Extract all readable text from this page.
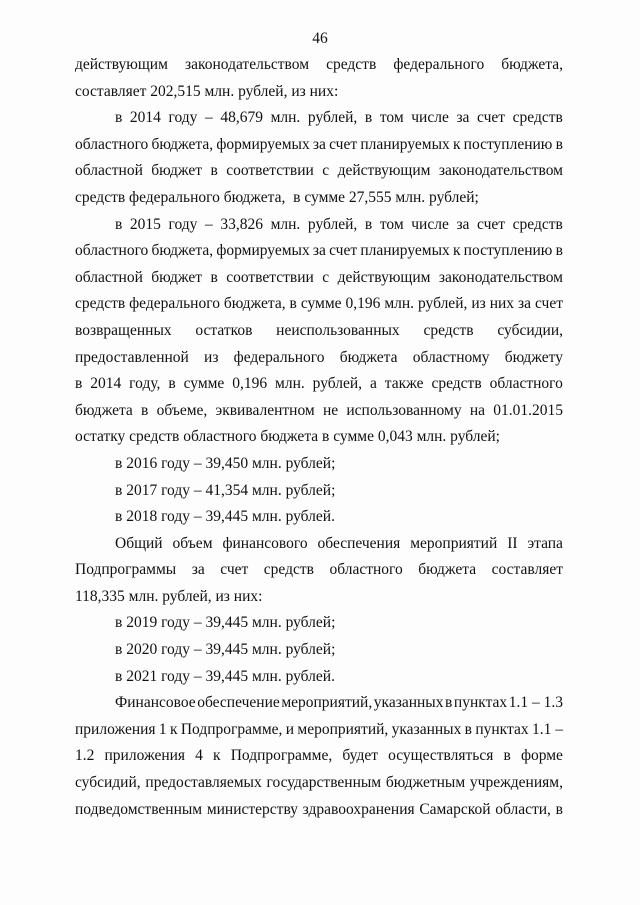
46
действующим законодательством средств федерального бюджета,
составляет 202,515 млн. рублей, из них:
в 2014 году – 48,679 млн. рублей, в том числе за счет средств
областного бюджета, формируемых за счет планируемых к поступлению в
областной бюджет в соответствии с действующим законодательством
средств федерального бюджета,  в сумме 27,555 млн. рублей;
в 2015 году – 33,826 млн. рублей, в том числе за счет средств
областного бюджета, формируемых за счет планируемых к поступлению в
областной бюджет в соответствии с действующим законодательством
средств федерального бюджета, в сумме 0,196 млн. рублей, из них за счет
возвращенных остатков неиспользованных средств субсидии,
предоставленной из федерального бюджета областному бюджету
в 2014 году, в сумме 0,196 млн. рублей, а также средств областного
бюджета в объеме, эквивалентном не использованному на 01.01.2015
остатку средств областного бюджета в сумме 0,043 млн. рублей;
в 2016 году – 39,450 млн. рублей;
в 2017 году – 41,354 млн. рублей;
в 2018 году – 39,445 млн. рублей.
Общий объем финансового обеспечения мероприятий II этапа
Подпрограммы за счет средств областного бюджета составляет
118,335 млн. рублей, из них:
в 2019 году – 39,445 млн. рублей;
в 2020 году – 39,445 млн. рублей;
в 2021 году – 39,445 млн. рублей.
Финансовое обеспечение мероприятий, указанных в пунктах 1.1 – 1.3
приложения 1 к Подпрограмме, и мероприятий, указанных в пунктах 1.1 –
1.2 приложения 4 к Подпрограмме, будет осуществляться в форме
субсидий, предоставляемых государственным бюджетным учреждениям,
подведомственным министерству здравоохранения Самарской области, в
